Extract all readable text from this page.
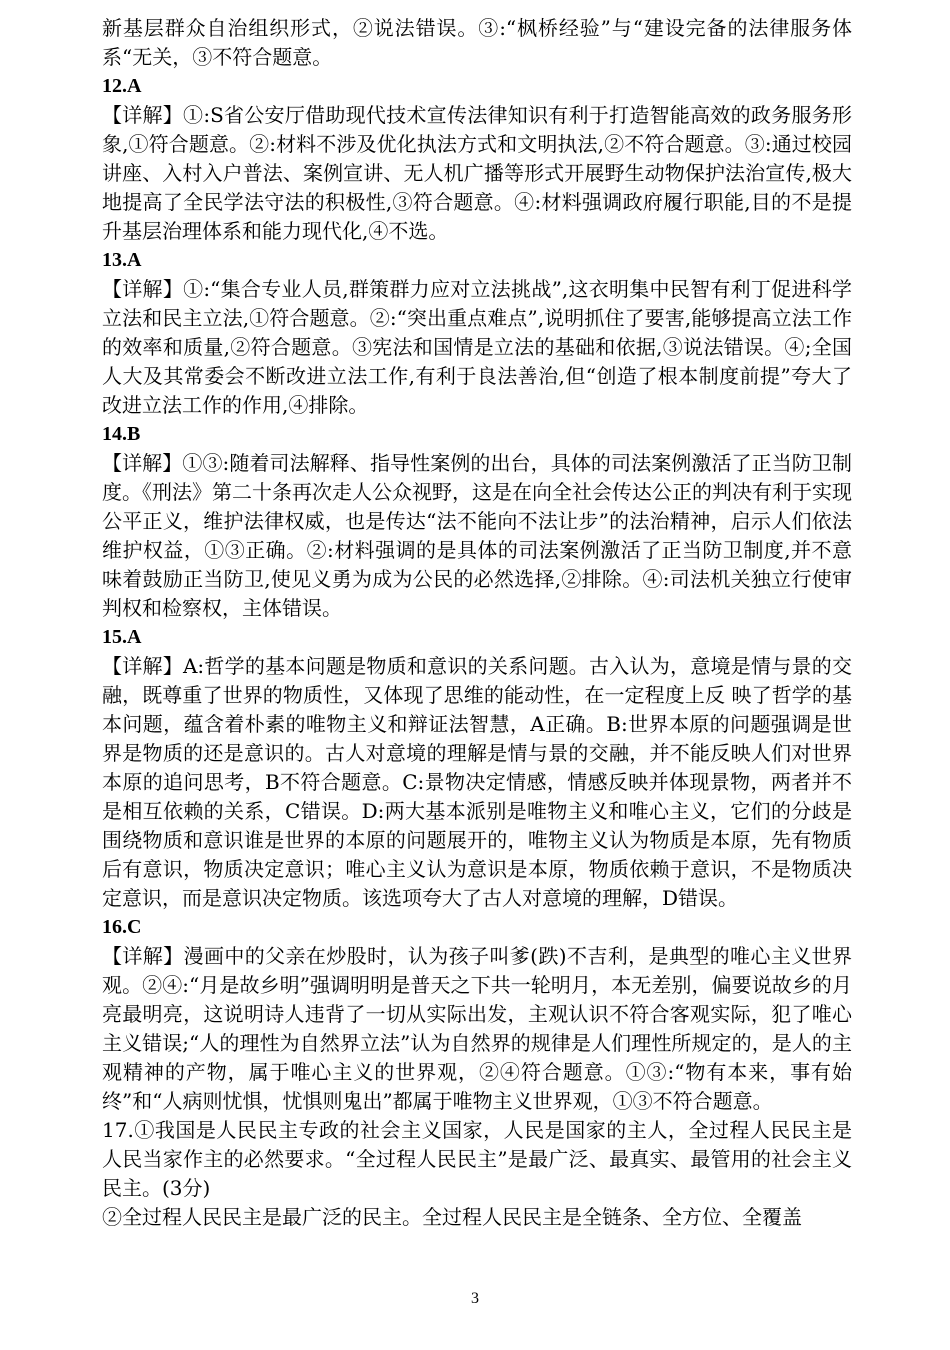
新基层群众自治组织形式，②说法错误。③:“枫桥经验”与“建设完备的法律服务体系“无关，③不符合题意。

12.A

【详解】①:S省公安厅借助现代技术宣传法律知识有利于打造智能高效的政务服务形象,①符合题意。②:材料不涉及优化执法方式和文明执法,②不符合题意。③:通过校园讲座、入村入户普法、案例宣讲、无人机广播等形式开展野生动物保护法治宣传,极大地提高了全民学法守法的积极性,③符合题意。④:材料强调政府履行职能,目的不是提升基层治理体系和能力现代化,④不选。

13.A

【详解】①:“集合专业人员,群策群力应对立法挑战”,这衣明集中民智有利丁促进科学立法和民主立法,①符合题意。②:“突出重点难点”,说明抓住了要害,能够提高立法工作的效率和质量,②符合题意。③宪法和国情是立法的基础和依据,③说法错误。④;全国人大及其常委会不断改进立法工作,有利于良法善治,但“创造了根本制度前提”夸大了改进立法工作的作用,④排除。

14.B

【详解】①③:随着司法解释、指导性案例的出台，具体的司法案例激活了正当防卫制度。《刑法》第二十条再次走人公众视野，这是在向全社会传达公正的判决有利于实现公平正义，维护法律权威，也是传达“法不能向不法让步”的法治精神，启示人们依法维护权益，①③正确。②:材料强调的是具体的司法案例激活了正当防卫制度,并不意味着鼓励正当防卫,使见义勇为成为公民的必然选择,②排除。④:司法机关独立行使审判权和检察权，主体错误。

15.A

【详解】A:哲学的基本问题是物质和意识的关系问题。古入认为，意境是情与景的交融，既尊重了世界的物质性，又体现了思维的能动性，在一定程度上反 映了哲学的基本问题，蕴含着朴素的唯物主义和辩证法智慧，A正确。B:世界本原的问题强调是世界是物质的还是意识的。古人对意境的理解是情与景的交融，并不能反映人们对世界本原的追问思考，B不符合题意。C:景物决定情感，情感反映并体现景物，两者并不是相互依赖的关系，C错误。D:两大基本派别是唯物主义和唯心主义，它们的分歧是围绕物质和意识谁是世界的本原的问题展开的，唯物主义认为物质是本原，先有物质后有意识，物质决定意识；唯心主义认为意识是本原，物质依赖于意识，不是物质决定意识，而是意识决定物质。该选项夸大了古人对意境的理解，D错误。

16.C

【详解】漫画中的父亲在炒股时，认为孩子叫爹(跌)不吉利，是典型的唯心主义世界观。②④:“月是故乡明”强调明明是普天之下共一轮明月，本无差别，偏要说故乡的月亮最明亮，这说明诗人违背了一切从实际出发，主观认识不符合客观实际，犯了唯心主义错误;“人的理性为自然界立法”认为自然界的规律是人们理性所规定的，是人的主观精神的产物，属于唯心主义的世界观，②④符合题意。①③:“物有本来，事有始终”和“人病则忧惧，忧惧则鬼出”都属于唯物主义世界观，①③不符合题意。

17.①我国是人民民主专政的社会主义国家，人民是国家的主人，全过程人民民主是人民当家作主的必然要求。“全过程人民民主”是最广泛、最真实、最管用的社会主义民主。(3分)

②全过程人民民主是最广泛的民主。全过程人民民主是全链条、全方位、全覆盖

3
